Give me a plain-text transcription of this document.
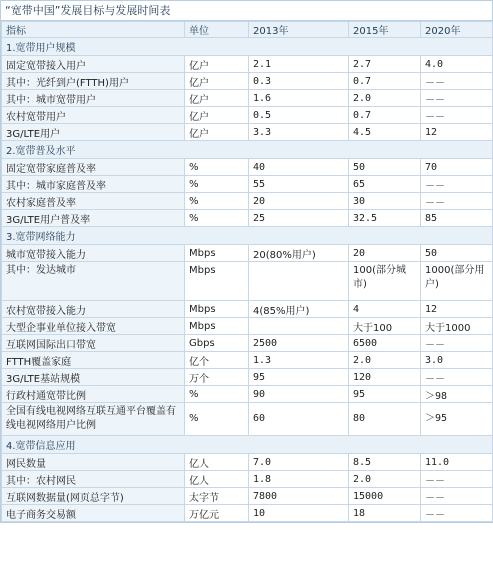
“宽带中国”发展目标与发展时间表
指标	单位	2013年	2015年	2020年
1.宽带用户规模				
固定宽带接入用户	亿户	2.1	2.7	4.0
其中：光纤到户(FTTH)用户	亿户	0.3	0.7	－－
其中：城市宽带用户	亿户	1.6	2.0	－－
农村宽带用户	亿户	0.5	0.7	－－
3G/LTE用户	亿户	3.3	4.5	12
2.宽带普及水平				
固定宽带家庭普及率	%	40	50	70
其中：城市家庭普及率	%	55	65	－－
农村家庭普及率	%	20	30	－－
3G/LTE用户普及率	%	25	32.5	85
3.宽带网络能力				
城市宽带接入能力	Mbps	20(80%用户)	20	50
其中：发达城市	Mbps		100(部分城市)	1000(部分用户)
农村宽带接入能力	Mbps	4(85%用户)	4	12
大型企事业单位接入带宽	Mbps		大于100	大于1000
互联网国际出口带宽	Gbps	2500	6500	－－
FTTH覆盖家庭	亿个	1.3	2.0	3.0
3G/LTE基站规模	万个	95	120	－－
行政村通宽带比例	%	90	95	＞98
全国有线电视网络互联互通平台覆盖有线电视网络用户比例	%	60	80	＞95
4.宽带信息应用				
网民数量	亿人	7.0	8.5	11.0
其中：农村网民	亿人	1.8	2.0	－－
互联网数据量(网页总字节)	太字节	7800	15000	－－
电子商务交易额	万亿元	10	18	－－
